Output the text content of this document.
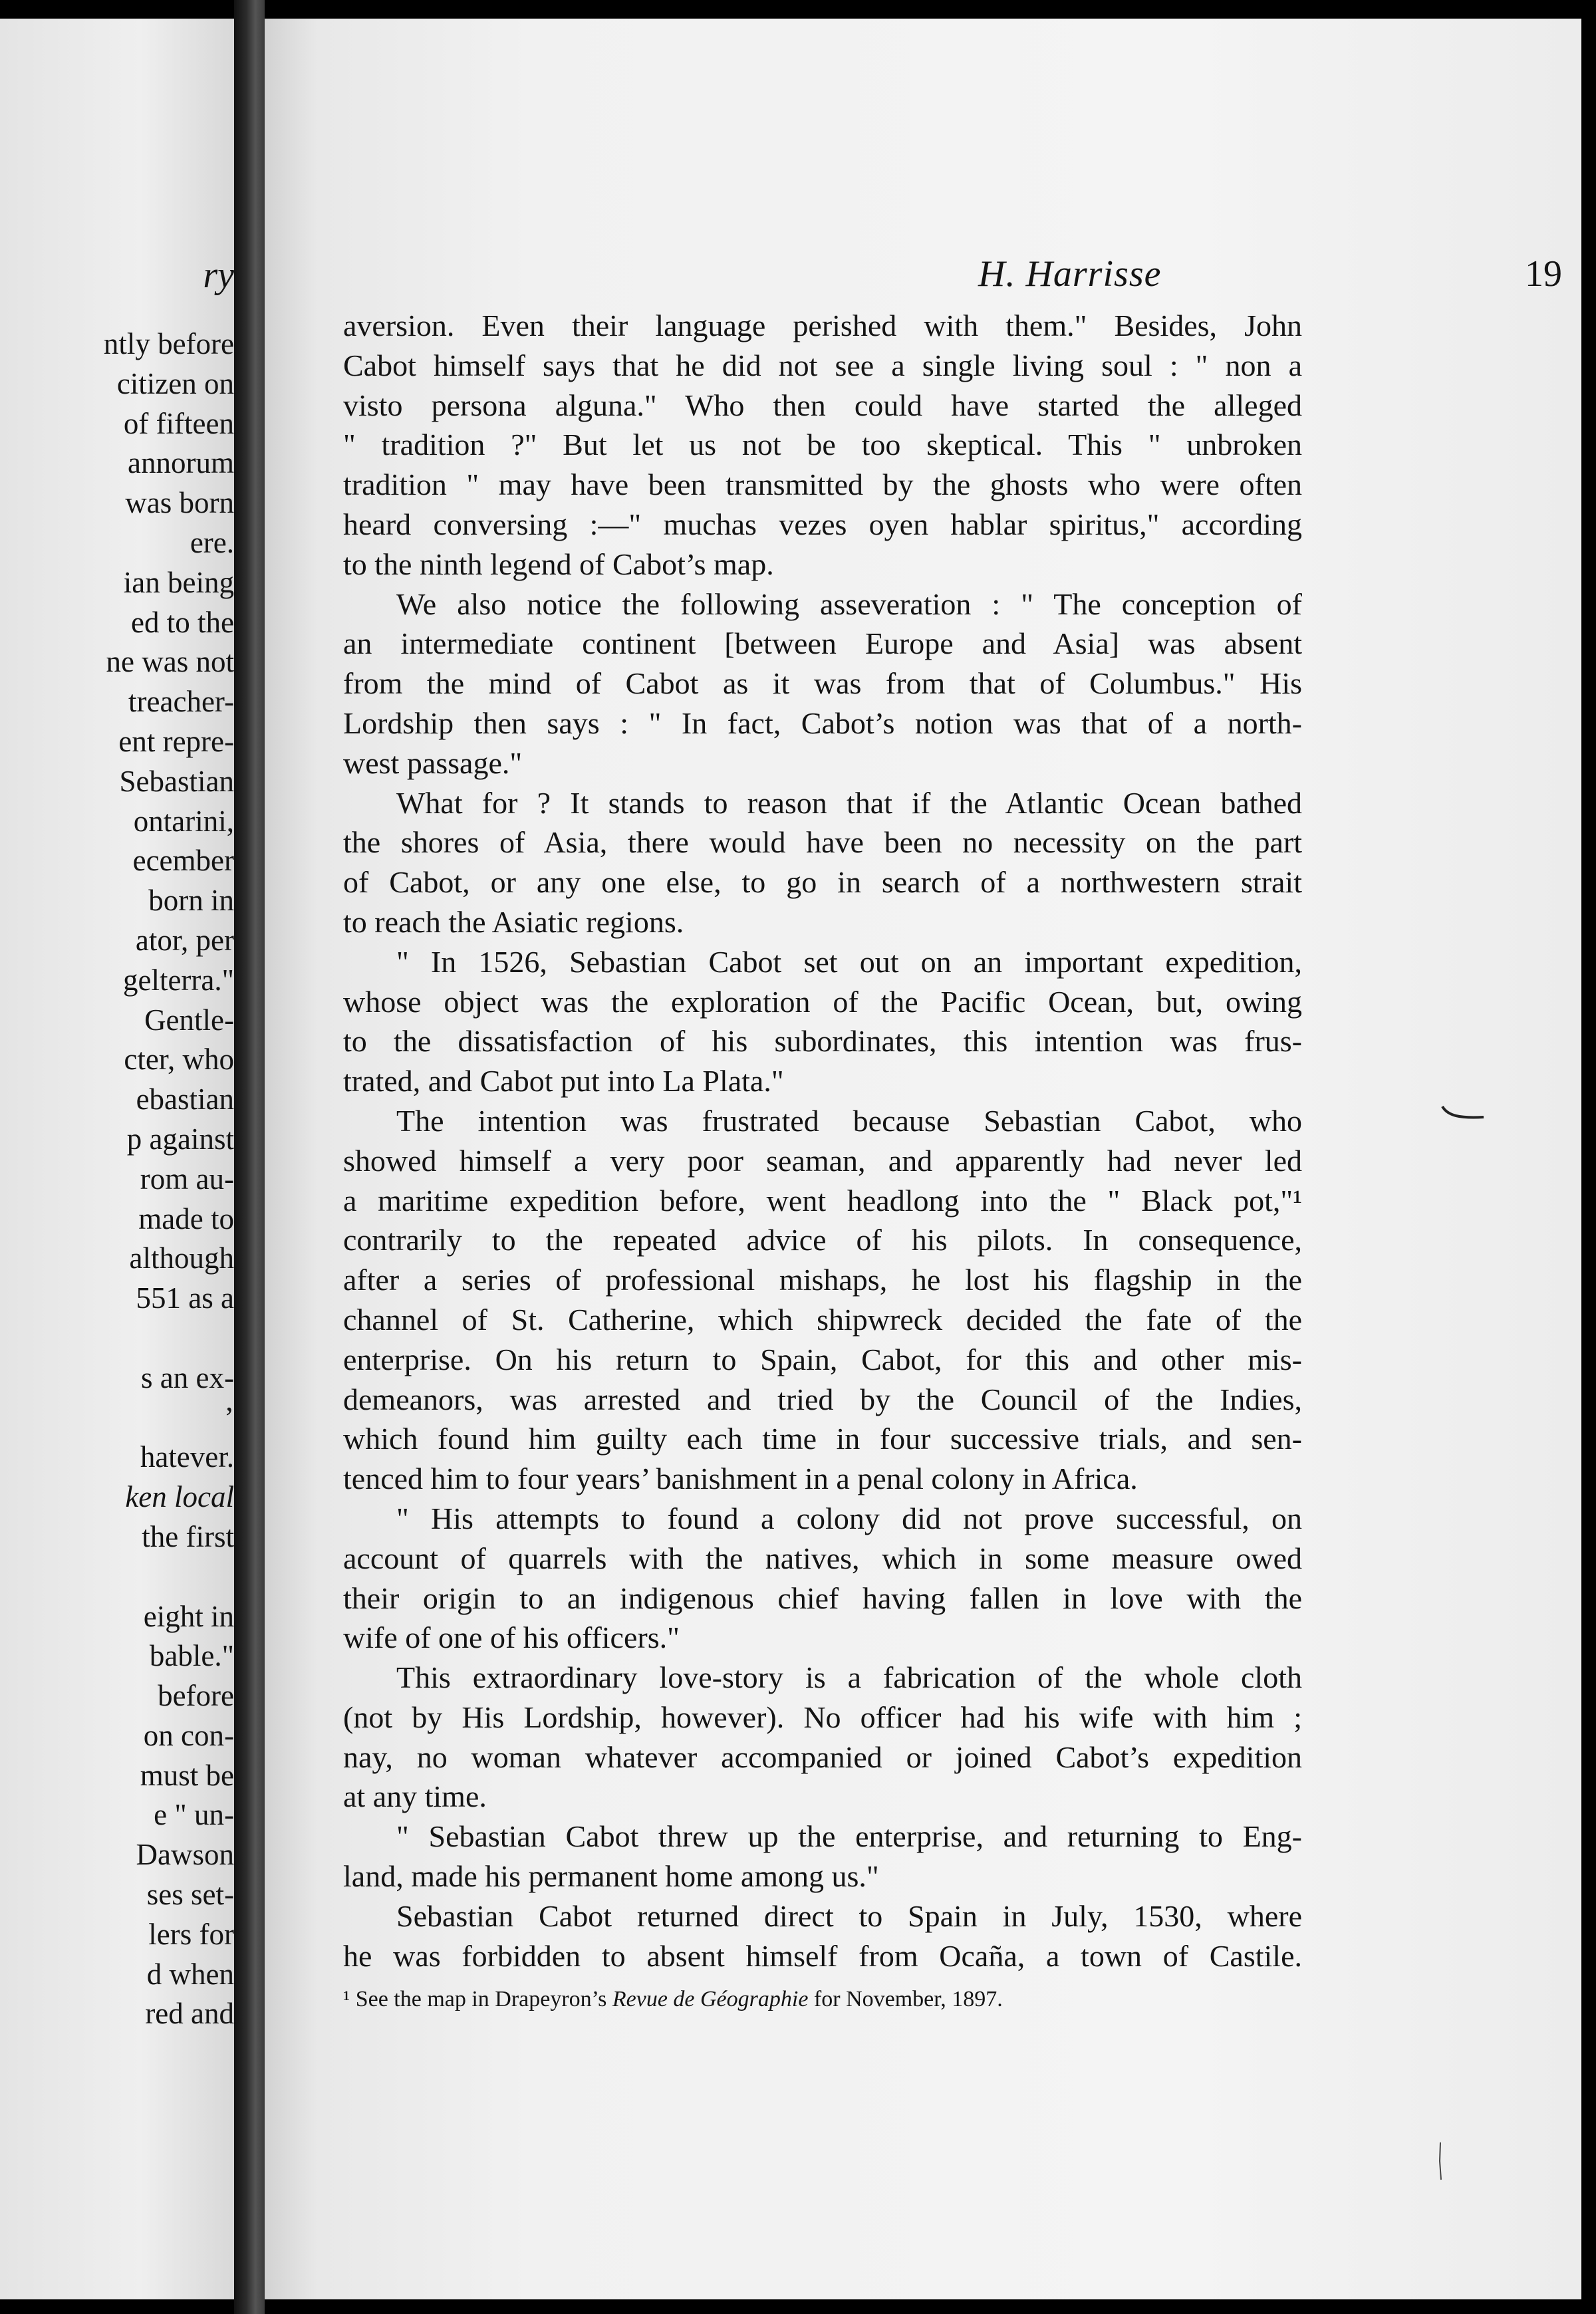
ry
ntly before
citizen on
of fifteen
annorum
was born
ere.
ian being
ed to the
ne was not
treacher-
ent repre-
Sebastian
ontarini,
ecember
born in
ator, per
gelterra."
Gentle-
cter, who
ebastian
p against
rom au-
made to
although
551 as a
s an ex-
’
hatever.
ken local
the first
eight in
bable."
before
on con-
must be
e " un-
Dawson
ses set-
lers for
d when
red and
H. Harrisse	19
aversion. Even their language perished with them." Besides, John
Cabot himself says that he did not see a single living soul : " non a
visto persona alguna." Who then could have started the alleged
" tradition ?" But let us not be too skeptical. This " unbroken
tradition " may have been transmitted by the ghosts who were often
heard conversing :—" muchas vezes oyen hablar spiritus," according
to the ninth legend of Cabot’s map.
We also notice the following asseveration : " The conception of
an intermediate continent [between Europe and Asia] was absent
from the mind of Cabot as it was from that of Columbus." His
Lordship then says : " In fact, Cabot’s notion was that of a north-
west passage."
What for ? It stands to reason that if the Atlantic Ocean bathed
the shores of Asia, there would have been no necessity on the part
of Cabot, or any one else, to go in search of a northwestern strait
to reach the Asiatic regions.
" In 1526, Sebastian Cabot set out on an important expedition,
whose object was the exploration of the Pacific Ocean, but, owing
to the dissatisfaction of his subordinates, this intention was frus-
trated, and Cabot put into La Plata."
The intention was frustrated because Sebastian Cabot, who
showed himself a very poor seaman, and apparently had never led
a maritime expedition before, went headlong into the " Black pot,"¹
contrarily to the repeated advice of his pilots. In consequence,
after a series of professional mishaps, he lost his flagship in the
channel of St. Catherine, which shipwreck decided the fate of the
enterprise. On his return to Spain, Cabot, for this and other mis-
demeanors, was arrested and tried by the Council of the Indies,
which found him guilty each time in four successive trials, and sen-
tenced him to four years’ banishment in a penal colony in Africa.
" His attempts to found a colony did not prove successful, on
account of quarrels with the natives, which in some measure owed
their origin to an indigenous chief having fallen in love with the
wife of one of his officers."
This extraordinary love-story is a fabrication of the whole cloth
(not by His Lordship, however). No officer had his wife with him ;
nay, no woman whatever accompanied or joined Cabot’s expedition
at any time.
" Sebastian Cabot threw up the enterprise, and returning to Eng-
land, made his permanent home among us."
Sebastian Cabot returned direct to Spain in July, 1530, where
he was forbidden to absent himself from Ocaña, a town of Castile.
¹ See the map in Drapeyron’s Revue de Géographie for November, 1897.
